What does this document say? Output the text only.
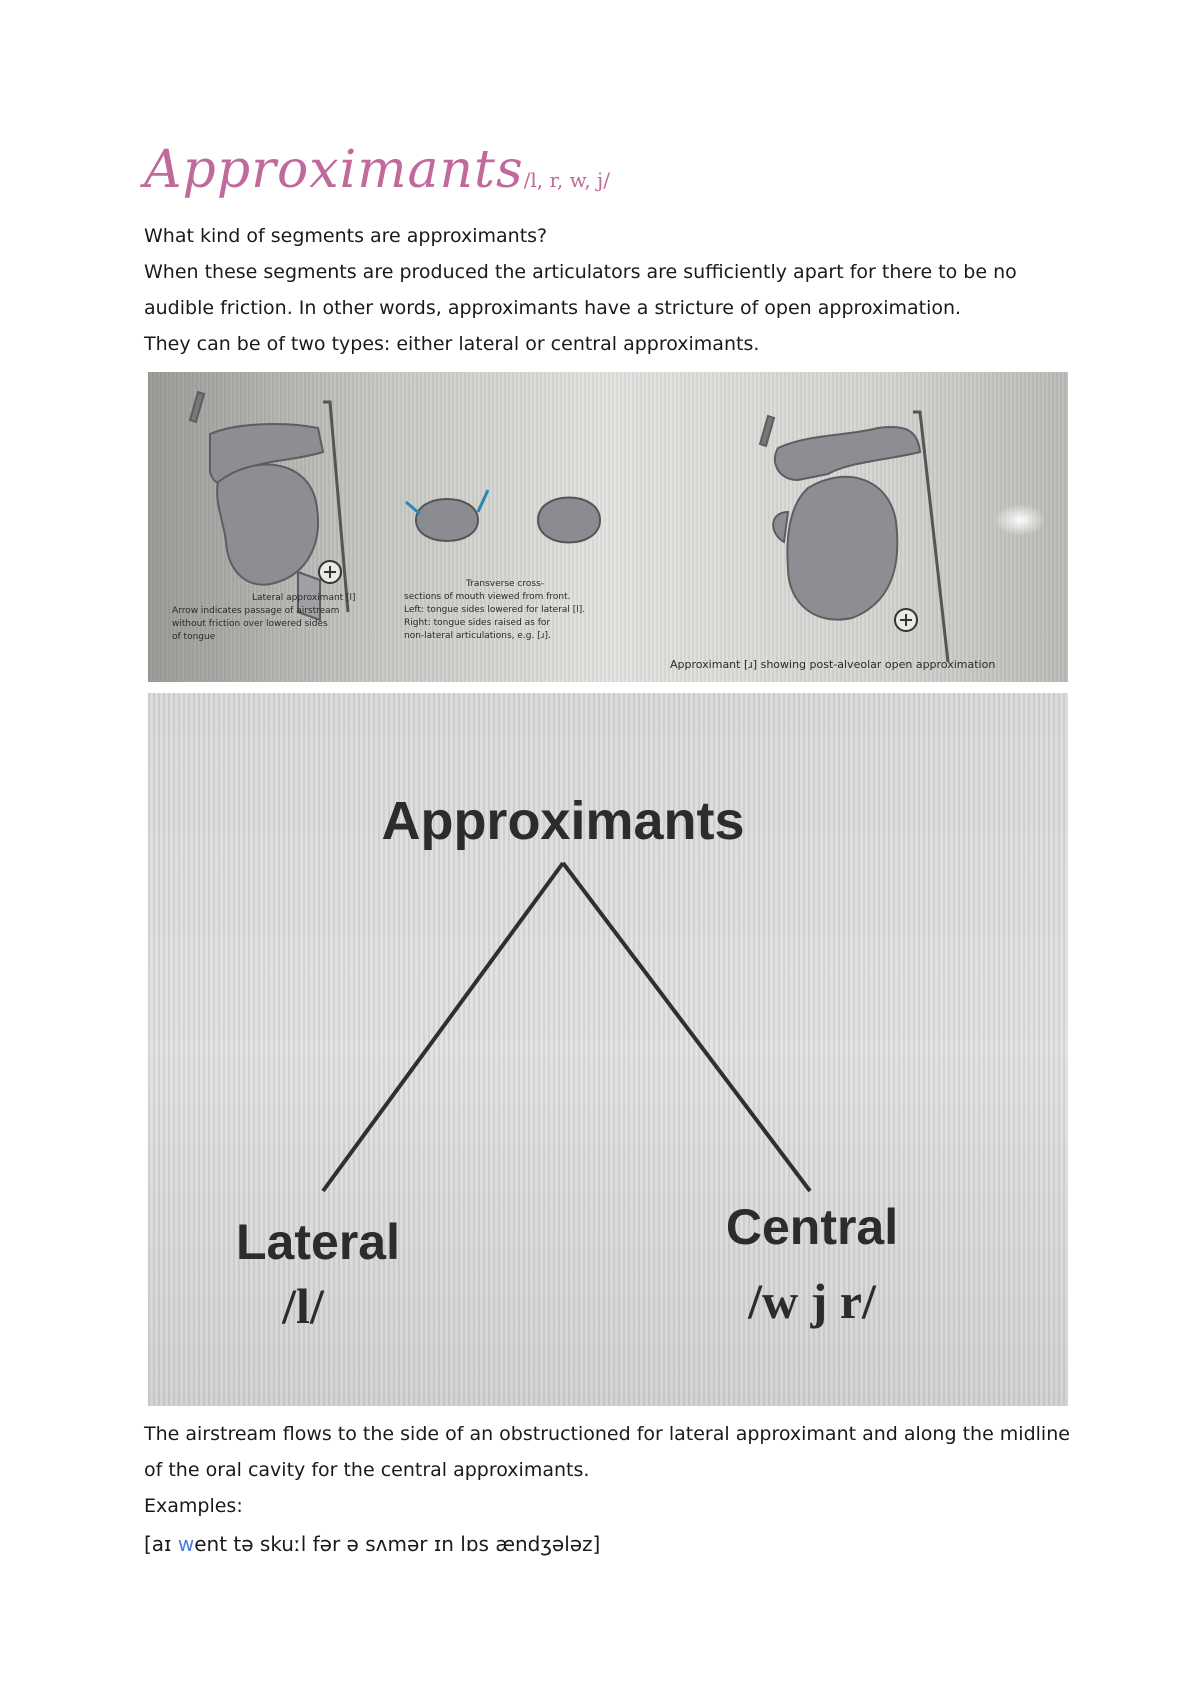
Approximants/l, r, w, j/
What kind of segments are approximants?
When these segments are produced the articulators are sufficiently apart for there to be no
audible friction. In other words, approximants have a stricture of open approximation.
They can be of two types: either lateral or central approximants.
Lateral approximant [l]
Arrow indicates passage of airstream
without friction over lowered sides
of tongue
Transverse cross-
sections of mouth viewed from front.
Left: tongue sides lowered for lateral [l].
Right: tongue sides raised as for
non-lateral articulations, e.g. [ɹ].
Approximant [ɹ] showing post-alveolar open approximation
Approximants
Lateral
/l/
Central
/w j r/
The airstream flows to the side of an obstructioned for lateral approximant and along the midline
of the oral cavity for the central approximants.
Examples:
[aɪ went tə skuːl fər ə sʌmər ɪn lɒs ændʒələz]
